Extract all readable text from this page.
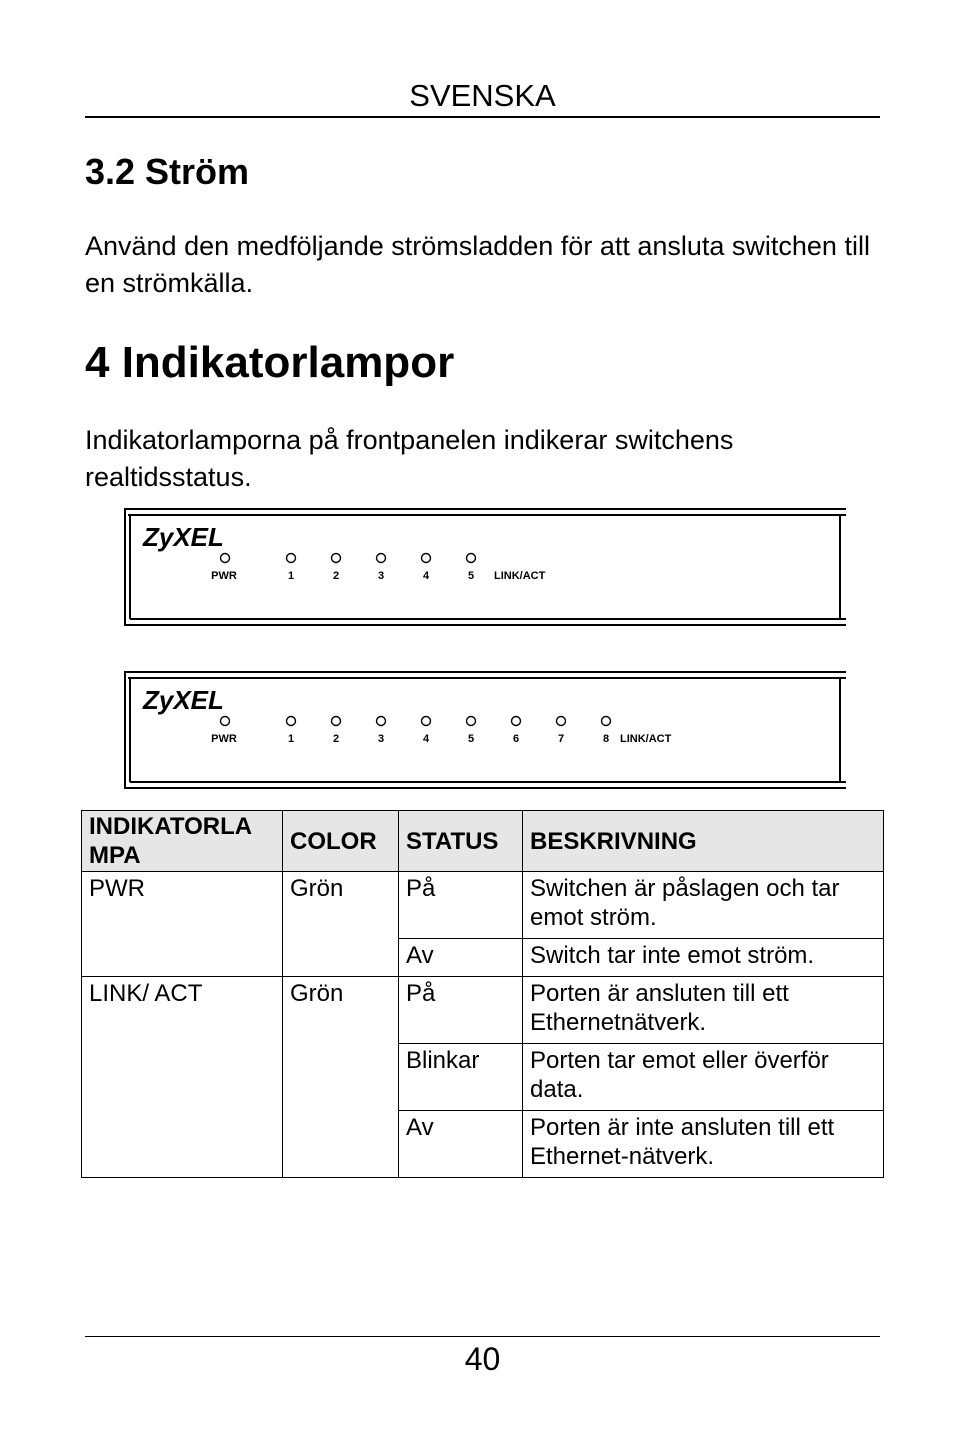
SVENSKA
3.2 Ström

Använd den medföljande strömsladden för att ansluta switchen till en strömkälla.

4 Indikatorlampor

Indikatorlamporna på frontpanelen indikerar switchens realtidsstatus.

ZyXEL
PWR	1	2	3	4	5 LINK/ACT
ZyXEL
PWR	1	2	3	4	5	6	7	8 LINK/ACT
INDIKATORLA
MPA	COLOR	STATUS	BESKRIVNING
PWR	Grön	På	Switchen är påslagen och tar emot ström.
		Av	Switch tar inte emot ström.
LINK/ ACT	Grön	På	Porten är ansluten till ett Ethernetnätverk.
		Blinkar	Porten tar emot eller överför data.
		Av	Porten är inte ansluten till ett Ethernet-nätverk.
40
